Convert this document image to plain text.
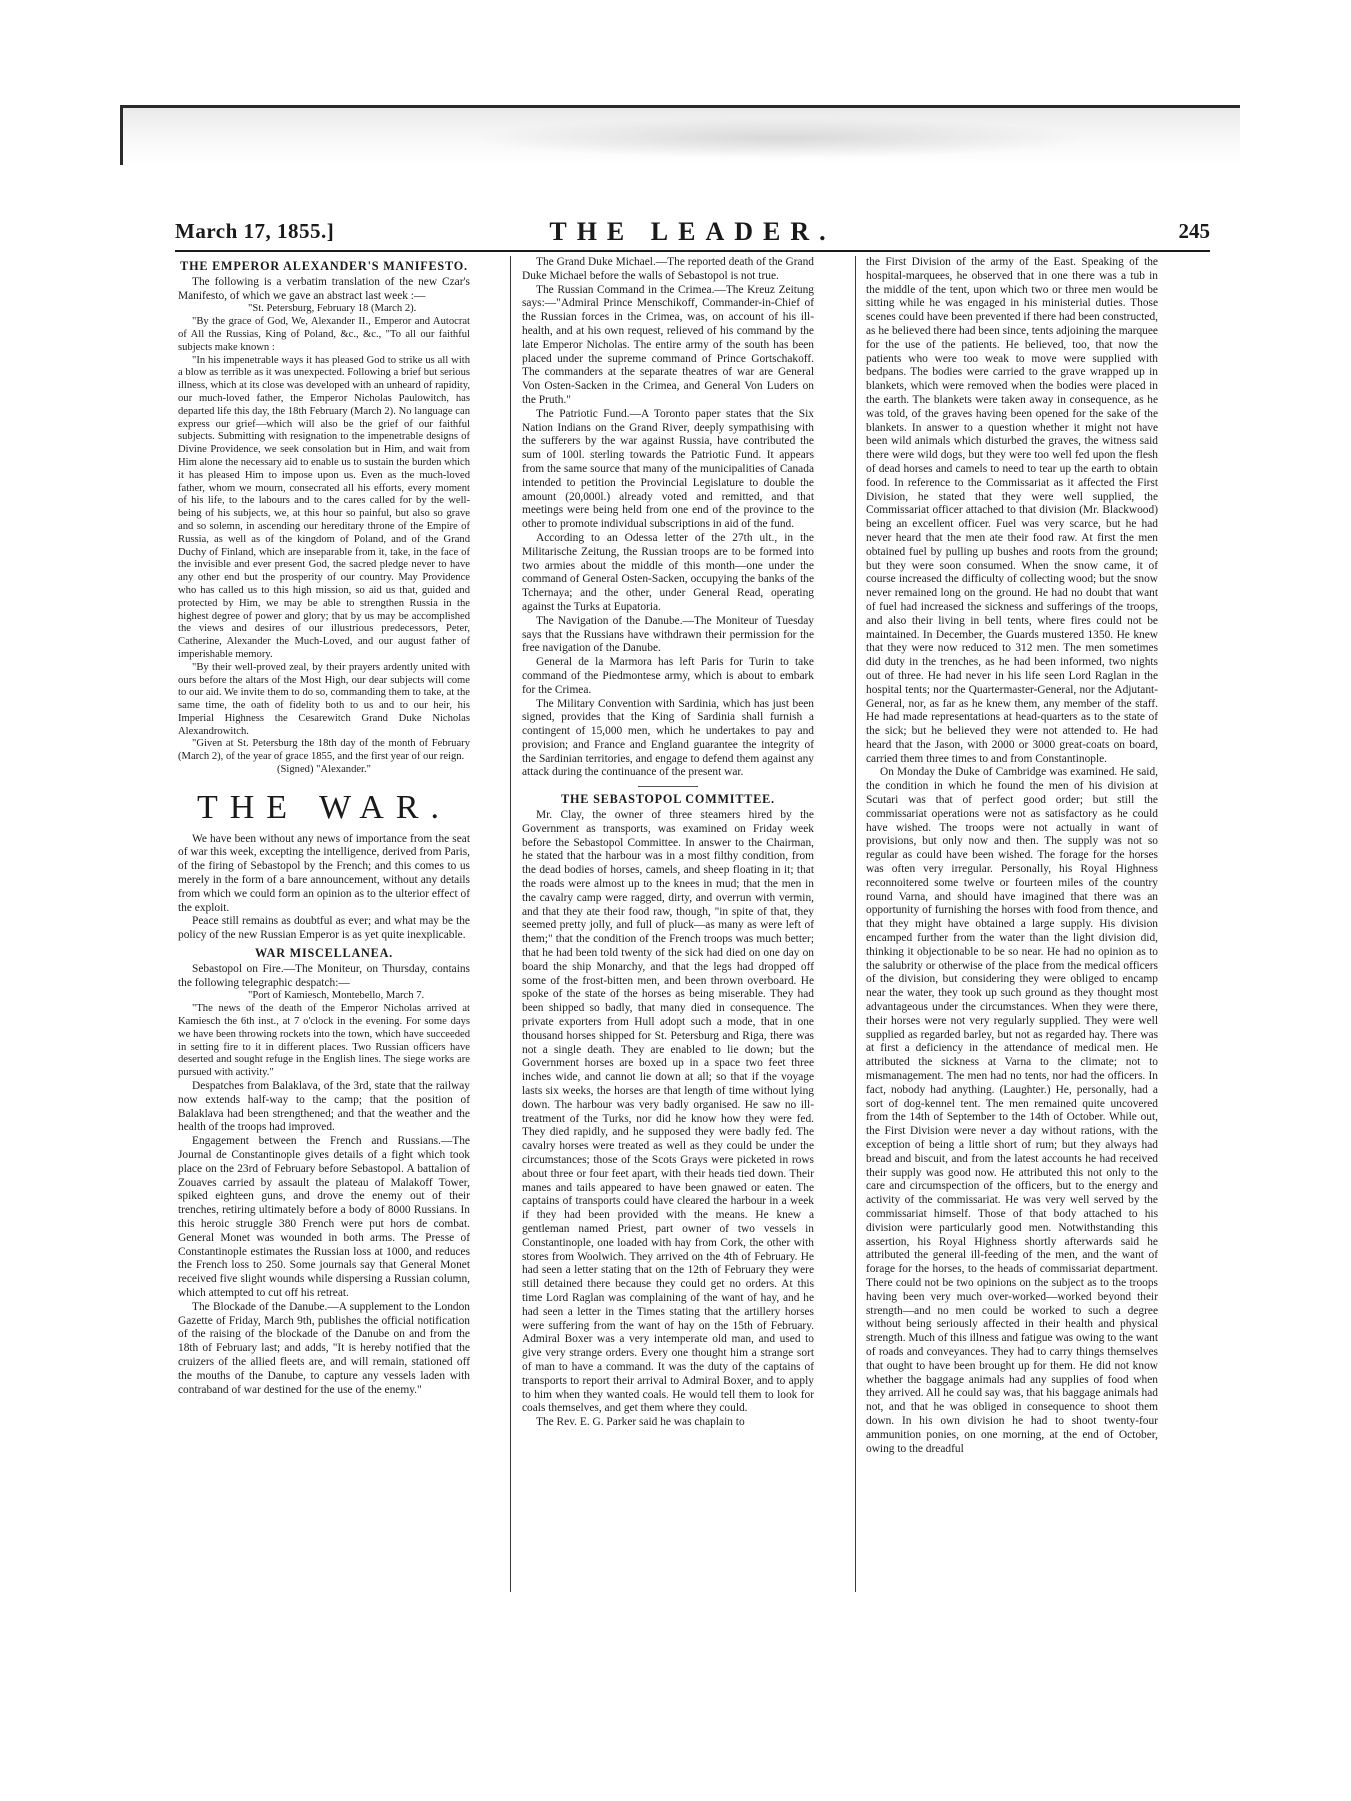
March 17, 1855.]	THE LEADER.	245
THE EMPEROR ALEXANDER'S MANIFESTO.

The following is a verbatim translation of the new Czar's Manifesto, of which we gave an abstract last week :—

"St. Petersburg, February 18 (March 2).

"By the grace of God, We, Alexander II., Emperor and Autocrat of All the Russias, King of Poland, &c., &c., "To all our faithful subjects make known :

"In his impenetrable ways it has pleased God to strike us all with a blow as terrible as it was unexpected. Following a brief but serious illness, which at its close was developed with an unheard of rapidity, our much-loved father, the Emperor Nicholas Paulowitch, has departed life this day, the 18th February (March 2). No language can express our grief—which will also be the grief of our faithful subjects. Submitting with resignation to the impenetrable designs of Divine Providence, we seek consolation but in Him, and wait from Him alone the necessary aid to enable us to sustain the burden which it has pleased Him to impose upon us. Even as the much-loved father, whom we mourn, consecrated all his efforts, every moment of his life, to the labours and to the cares called for by the well-being of his subjects, we, at this hour so painful, but also so grave and so solemn, in ascending our hereditary throne of the Empire of Russia, as well as of the kingdom of Poland, and of the Grand Duchy of Finland, which are inseparable from it, take, in the face of the invisible and ever present God, the sacred pledge never to have any other end but the prosperity of our country. May Providence who has called us to this high mission, so aid us that, guided and protected by Him, we may be able to strengthen Russia in the highest degree of power and glory; that by us may be accomplished the views and desires of our illustrious predecessors, Peter, Catherine, Alexander the Much-Loved, and our august father of imperishable memory.

"By their well-proved zeal, by their prayers ardently united with ours before the altars of the Most High, our dear subjects will come to our aid. We invite them to do so, commanding them to take, at the same time, the oath of fidelity both to us and to our heir, his Imperial Highness the Cesarewitch Grand Duke Nicholas Alexandrowitch.

"Given at St. Petersburg the 18th day of the month of February (March 2), of the year of grace 1855, and the first year of our reign.

(Signed) "Alexander."

THE WAR.

We have been without any news of importance from the seat of war this week, excepting the intelligence, derived from Paris, of the firing of Sebastopol by the French; and this comes to us merely in the form of a bare announcement, without any details from which we could form an opinion as to the ulterior effect of the exploit.

Peace still remains as doubtful as ever; and what may be the policy of the new Russian Emperor is as yet quite inexplicable.

WAR MISCELLANEA.

Sebastopol on Fire.—The Moniteur, on Thursday, contains the following telegraphic despatch:—

"Port of Kamiesch, Montebello, March 7.

"The news of the death of the Emperor Nicholas arrived at Kamiesch the 6th inst., at 7 o'clock in the evening. For some days we have been throwing rockets into the town, which have succeeded in setting fire to it in different places. Two Russian officers have deserted and sought refuge in the English lines. The siege works are pursued with activity."

Despatches from Balaklava, of the 3rd, state that the railway now extends half-way to the camp; that the position of Balaklava had been strengthened; and that the weather and the health of the troops had improved.

Engagement between the French and Russians.—The Journal de Constantinople gives details of a fight which took place on the 23rd of February before Sebastopol. A battalion of Zouaves carried by assault the plateau of Malakoff Tower, spiked eighteen guns, and drove the enemy out of their trenches, retiring ultimately before a body of 8000 Russians. In this heroic struggle 380 French were put hors de combat. General Monet was wounded in both arms. The Presse of Constantinople estimates the Russian loss at 1000, and reduces the French loss to 250. Some journals say that General Monet received five slight wounds while dispersing a Russian column, which attempted to cut off his retreat.

The Blockade of the Danube.—A supplement to the London Gazette of Friday, March 9th, publishes the official notification of the raising of the blockade of the Danube on and from the 18th of February last; and adds, "It is hereby notified that the cruizers of the allied fleets are, and will remain, stationed off the mouths of the Danube, to capture any vessels laden with contraband of war destined for the use of the enemy."

The Grand Duke Michael.—The reported death of the Grand Duke Michael before the walls of Sebastopol is not true.

The Russian Command in the Crimea.—The Kreuz Zeitung says:—"Admiral Prince Menschikoff, Commander-in-Chief of the Russian forces in the Crimea, was, on account of his ill-health, and at his own request, relieved of his command by the late Emperor Nicholas. The entire army of the south has been placed under the supreme command of Prince Gortschakoff. The commanders at the separate theatres of war are General Von Osten-Sacken in the Crimea, and General Von Luders on the Pruth."

The Patriotic Fund.—A Toronto paper states that the Six Nation Indians on the Grand River, deeply sympathising with the sufferers by the war against Russia, have contributed the sum of 100l. sterling towards the Patriotic Fund. It appears from the same source that many of the municipalities of Canada intended to petition the Provincial Legislature to double the amount (20,000l.) already voted and remitted, and that meetings were being held from one end of the province to the other to promote individual subscriptions in aid of the fund.

According to an Odessa letter of the 27th ult., in the Militarische Zeitung, the Russian troops are to be formed into two armies about the middle of this month—one under the command of General Osten-Sacken, occupying the banks of the Tchernaya; and the other, under General Read, operating against the Turks at Eupatoria.

The Navigation of the Danube.—The Moniteur of Tuesday says that the Russians have withdrawn their permission for the free navigation of the Danube.

General de la Marmora has left Paris for Turin to take command of the Piedmontese army, which is about to embark for the Crimea.

The Military Convention with Sardinia, which has just been signed, provides that the King of Sardinia shall furnish a contingent of 15,000 men, which he undertakes to pay and provision; and France and England guarantee the integrity of the Sardinian territories, and engage to defend them against any attack during the continuance of the present war.

THE SEBASTOPOL COMMITTEE.

Mr. Clay, the owner of three steamers hired by the Government as transports, was examined on Friday week before the Sebastopol Committee. In answer to the Chairman, he stated that the harbour was in a most filthy condition, from the dead bodies of horses, camels, and sheep floating in it; that the roads were almost up to the knees in mud; that the men in the cavalry camp were ragged, dirty, and overrun with vermin, and that they ate their food raw, though, "in spite of that, they seemed pretty jolly, and full of pluck—as many as were left of them;" that the condition of the French troops was much better; that he had been told twenty of the sick had died on one day on board the ship Monarchy, and that the legs had dropped off some of the frost-bitten men, and been thrown overboard. He spoke of the state of the horses as being miserable. They had been shipped so badly, that many died in consequence. The private exporters from Hull adopt such a mode, that in one thousand horses shipped for St. Petersburg and Riga, there was not a single death. They are enabled to lie down; but the Government horses are boxed up in a space two feet three inches wide, and cannot lie down at all; so that if the voyage lasts six weeks, the horses are that length of time without lying down. The harbour was very badly organised. He saw no ill-treatment of the Turks, nor did he know how they were fed. They died rapidly, and he supposed they were badly fed. The cavalry horses were treated as well as they could be under the circumstances; those of the Scots Grays were picketed in rows about three or four feet apart, with their heads tied down. Their manes and tails appeared to have been gnawed or eaten. The captains of transports could have cleared the harbour in a week if they had been provided with the means. He knew a gentleman named Priest, part owner of two vessels in Constantinople, one loaded with hay from Cork, the other with stores from Woolwich. They arrived on the 4th of February. He had seen a letter stating that on the 12th of February they were still detained there because they could get no orders. At this time Lord Raglan was complaining of the want of hay, and he had seen a letter in the Times stating that the artillery horses were suffering from the want of hay on the 15th of February. Admiral Boxer was a very intemperate old man, and used to give very strange orders. Every one thought him a strange sort of man to have a command. It was the duty of the captains of transports to report their arrival to Admiral Boxer, and to apply to him when they wanted coals. He would tell them to look for coals themselves, and get them where they could.

The Rev. E. G. Parker said he was chaplain to

the First Division of the army of the East. Speaking of the hospital-marquees, he observed that in one there was a tub in the middle of the tent, upon which two or three men would be sitting while he was engaged in his ministerial duties. Those scenes could have been prevented if there had been constructed, as he believed there had been since, tents adjoining the marquee for the use of the patients. He believed, too, that now the patients who were too weak to move were supplied with bedpans. The bodies were carried to the grave wrapped up in blankets, which were removed when the bodies were placed in the earth. The blankets were taken away in consequence, as he was told, of the graves having been opened for the sake of the blankets. In answer to a question whether it might not have been wild animals which disturbed the graves, the witness said there were wild dogs, but they were too well fed upon the flesh of dead horses and camels to need to tear up the earth to obtain food. In reference to the Commissariat as it affected the First Division, he stated that they were well supplied, the Commissariat officer attached to that division (Mr. Blackwood) being an excellent officer. Fuel was very scarce, but he had never heard that the men ate their food raw. At first the men obtained fuel by pulling up bushes and roots from the ground; but they were soon consumed. When the snow came, it of course increased the difficulty of collecting wood; but the snow never remained long on the ground. He had no doubt that want of fuel had increased the sickness and sufferings of the troops, and also their living in bell tents, where fires could not be maintained. In December, the Guards mustered 1350. He knew that they were now reduced to 312 men. The men sometimes did duty in the trenches, as he had been informed, two nights out of three. He had never in his life seen Lord Raglan in the hospital tents; nor the Quartermaster-General, nor the Adjutant-General, nor, as far as he knew them, any member of the staff. He had made representations at head-quarters as to the state of the sick; but he believed they were not attended to. He had heard that the Jason, with 2000 or 3000 great-coats on board, carried them three times to and from Constantinople.

On Monday the Duke of Cambridge was examined. He said, the condition in which he found the men of his division at Scutari was that of perfect good order; but still the commissariat operations were not as satisfactory as he could have wished. The troops were not actually in want of provisions, but only now and then. The supply was not so regular as could have been wished. The forage for the horses was often very irregular. Personally, his Royal Highness reconnoitered some twelve or fourteen miles of the country round Varna, and should have imagined that there was an opportunity of furnishing the horses with food from thence, and that they might have obtained a large supply. His division encamped further from the water than the light division did, thinking it objectionable to be so near. He had no opinion as to the salubrity or otherwise of the place from the medical officers of the division, but considering they were obliged to encamp near the water, they took up such ground as they thought most advantageous under the circumstances. When they were there, their horses were not very regularly supplied. They were well supplied as regarded barley, but not as regarded hay. There was at first a deficiency in the attendance of medical men. He attributed the sickness at Varna to the climate; not to mismanagement. The men had no tents, nor had the officers. In fact, nobody had anything. (Laughter.) He, personally, had a sort of dog-kennel tent. The men remained quite uncovered from the 14th of September to the 14th of October. While out, the First Division were never a day without rations, with the exception of being a little short of rum; but they always had bread and biscuit, and from the latest accounts he had received their supply was good now. He attributed this not only to the care and circumspection of the officers, but to the energy and activity of the commissariat. He was very well served by the commissariat himself. Those of that body attached to his division were particularly good men. Notwithstanding this assertion, his Royal Highness shortly afterwards said he attributed the general ill-feeding of the men, and the want of forage for the horses, to the heads of commissariat department. There could not be two opinions on the subject as to the troops having been very much over-worked—worked beyond their strength—and no men could be worked to such a degree without being seriously affected in their health and physical strength. Much of this illness and fatigue was owing to the want of roads and conveyances. They had to carry things themselves that ought to have been brought up for them. He did not know whether the baggage animals had any supplies of food when they arrived. All he could say was, that his baggage animals had not, and that he was obliged in consequence to shoot them down. In his own division he had to shoot twenty-four ammunition ponies, on one morning, at the end of October, owing to the dreadful
